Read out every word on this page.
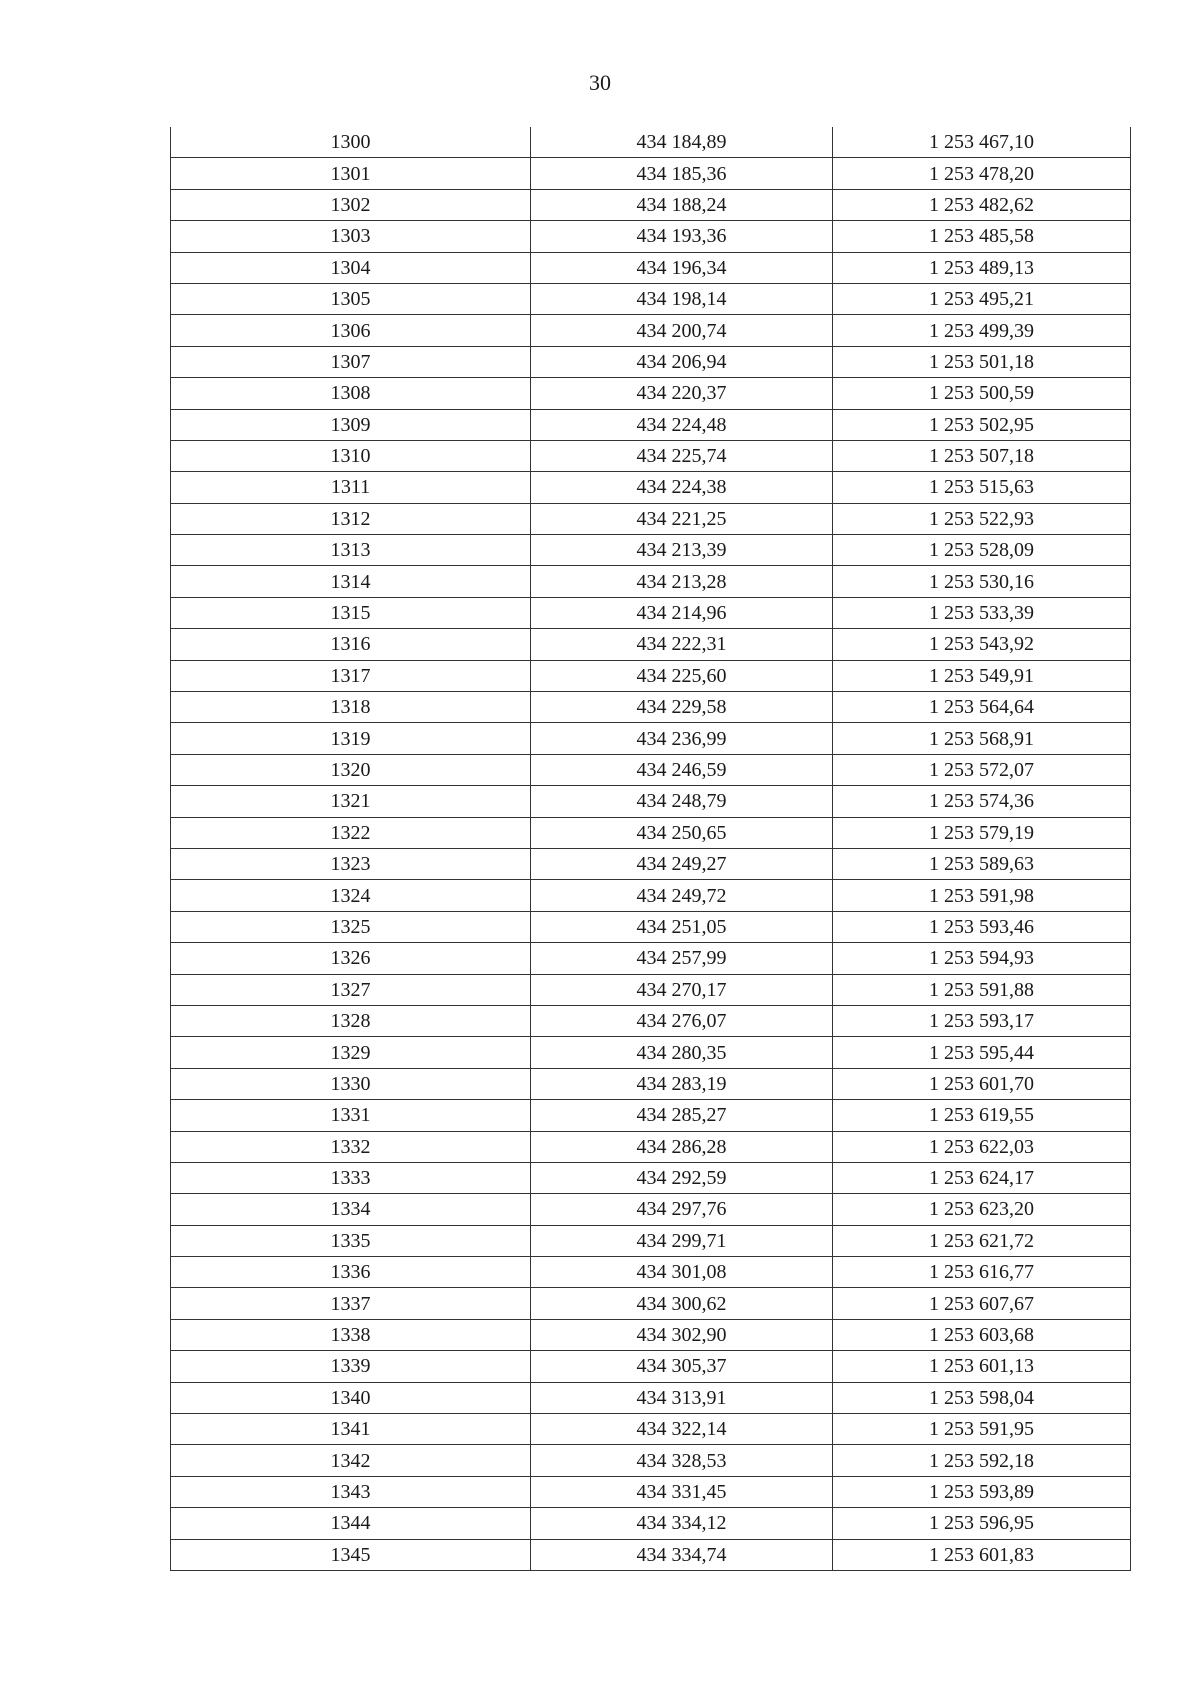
30
1300	434 184,89	1 253 467,10
1301	434 185,36	1 253 478,20
1302	434 188,24	1 253 482,62
1303	434 193,36	1 253 485,58
1304	434 196,34	1 253 489,13
1305	434 198,14	1 253 495,21
1306	434 200,74	1 253 499,39
1307	434 206,94	1 253 501,18
1308	434 220,37	1 253 500,59
1309	434 224,48	1 253 502,95
1310	434 225,74	1 253 507,18
1311	434 224,38	1 253 515,63
1312	434 221,25	1 253 522,93
1313	434 213,39	1 253 528,09
1314	434 213,28	1 253 530,16
1315	434 214,96	1 253 533,39
1316	434 222,31	1 253 543,92
1317	434 225,60	1 253 549,91
1318	434 229,58	1 253 564,64
1319	434 236,99	1 253 568,91
1320	434 246,59	1 253 572,07
1321	434 248,79	1 253 574,36
1322	434 250,65	1 253 579,19
1323	434 249,27	1 253 589,63
1324	434 249,72	1 253 591,98
1325	434 251,05	1 253 593,46
1326	434 257,99	1 253 594,93
1327	434 270,17	1 253 591,88
1328	434 276,07	1 253 593,17
1329	434 280,35	1 253 595,44
1330	434 283,19	1 253 601,70
1331	434 285,27	1 253 619,55
1332	434 286,28	1 253 622,03
1333	434 292,59	1 253 624,17
1334	434 297,76	1 253 623,20
1335	434 299,71	1 253 621,72
1336	434 301,08	1 253 616,77
1337	434 300,62	1 253 607,67
1338	434 302,90	1 253 603,68
1339	434 305,37	1 253 601,13
1340	434 313,91	1 253 598,04
1341	434 322,14	1 253 591,95
1342	434 328,53	1 253 592,18
1343	434 331,45	1 253 593,89
1344	434 334,12	1 253 596,95
1345	434 334,74	1 253 601,83
